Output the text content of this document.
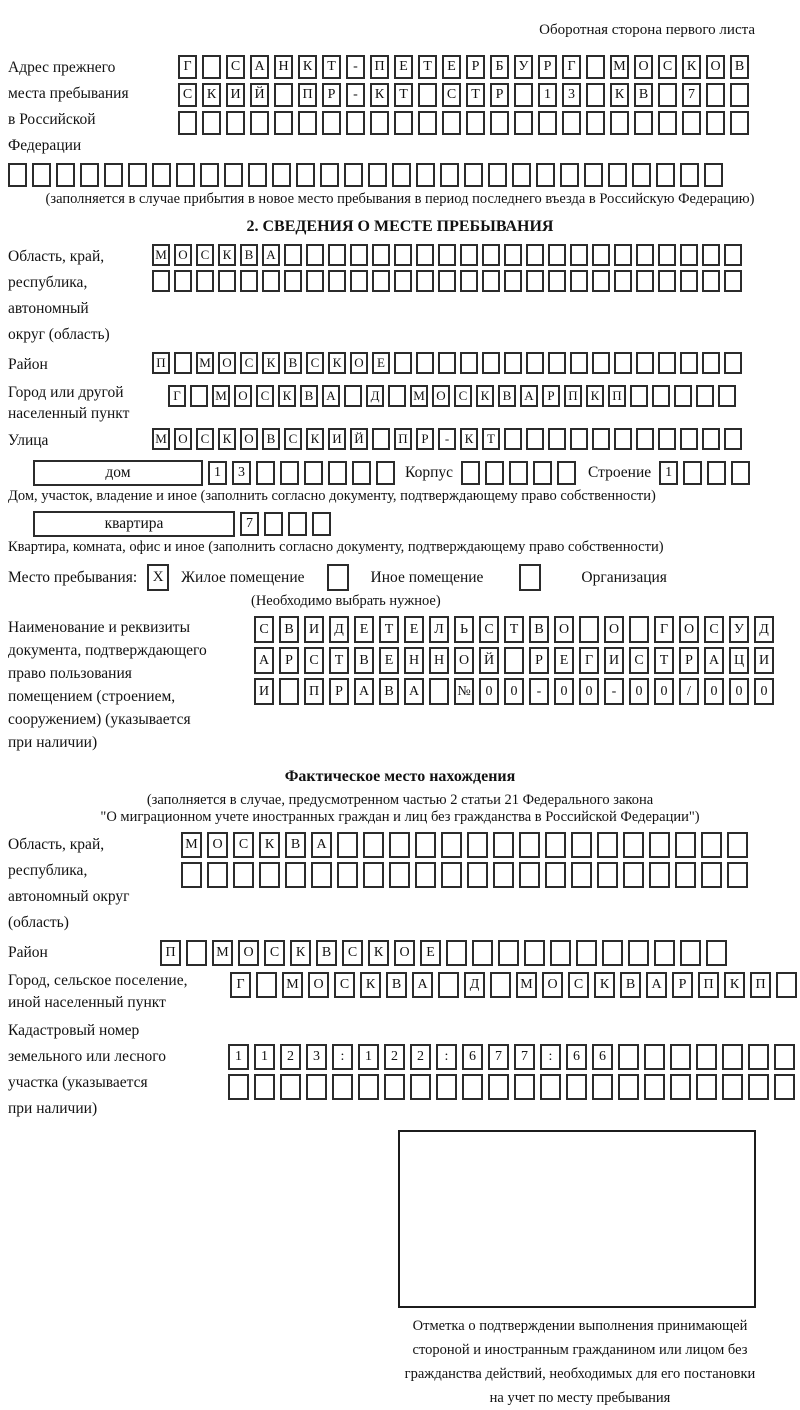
Оборотная сторона первого листа
Адрес прежнего
места пребывания
в Российской
Федерации
Г	С	А Н	К	Т	-	П	Е	Т	Е	Р	Б	У	Р	Г	М О	С	К	О	В
С	К	И Й	П	Р	-	К	Т	С	Т	Р	1	3	К	В	7
(заполняется в случае прибытия в новое место пребывания в период последнего въезда в Российскую Федерацию)
2. СВЕДЕНИЯ О МЕСТЕ ПРЕБЫВАНИЯ
Область, край,
республика,
автономный
округ (область)
М О С	К	В А
Район	П	М О С	К	В	С	К О	Е
Город или другой
населенный пункт
Г	М О С	К	В А	Д	М О С	К	В А	Р	П К П
Улица	М О С	К О В	С	К И Й	П	Р	-	К	Т
дом	1	3	Корпус	Строение	1
Дом, участок, владение и иное (заполнить согласно документу, подтверждающему право собственности)
квартира	7
Квартира, комната, офис и иное (заполнить согласно документу, подтверждающему право собственности)
Место пребывания:	X	Жилое помещение	Иное помещение	Организация
(Необходимо выбрать нужное)
Наименование и реквизиты
документа, подтверждающего
право пользования
помещением (строением,
сооружением) (указывается
при наличии)
С	В	И	Д	Е	Т	Е	Л	Ь	С	Т	В	О	О	Г	О	С	У	Д
А	Р	С	Т	В	Е	Н	Н	О	Й	Р	Е	Г	И	С	Т	Р	А	Ц	И
И	П	Р	А	В	А	№	0	0	-	0	0	-	0	0	/	0	0	0
Фактическое место нахождения
(заполняется в случае, предусмотренном частью 2 статьи 21 Федерального закона
"О миграционном учете иностранных граждан и лиц без гражданства в Российской Федерации")
Область, край,
республика,
автономный округ
(область)
М	О	С	К	В	А
Район	П	М	О	С	К	В	С	К	О	Е
Город, сельское поселение,
иной населенный пункт
Г	М	О	С	К	В	А	Д	М	О	С	К	В	А	Р	П	К	П
Кадастровый номер
земельного или лесного
участка (указывается
при наличии)
1	1	2	3	:	1	2	2	:	6	7	7	:	6	6
Отметка о подтверждении выполнения принимающей
стороной и иностранным гражданином или лицом без
гражданства действий, необходимых для его постановки
на учет по месту пребывания
